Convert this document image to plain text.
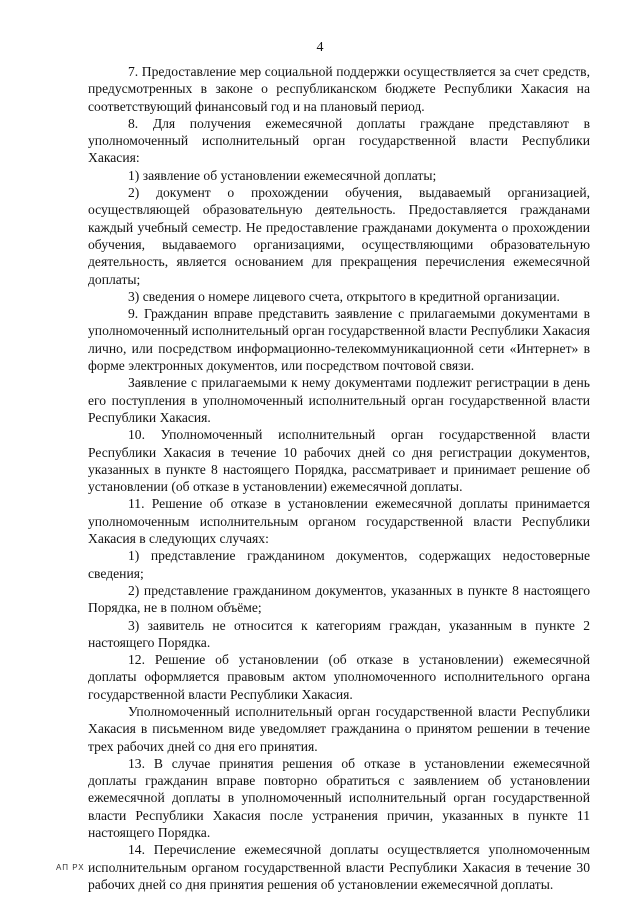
4

7. Предоставление мер социальной поддержки осуществляется за счет средств, предусмотренных в законе о республиканском бюджете Республики Хакасия на соответствующий финансовый год и на плановый период.

8. Для получения ежемесячной доплаты граждане представляют в уполномоченный исполнительный орган государственной власти Республики Хакасия:

1) заявление об установлении ежемесячной доплаты;

2) документ о прохождении обучения, выдаваемый организацией, осуществляющей образовательную деятельность. Предоставляется гражданами каждый учебный семестр. Не предоставление гражданами документа о прохождении обучения, выдаваемого организациями, осуществляющими образовательную деятельность, является основанием для прекращения перечисления ежемесячной доплаты;

3) сведения о номере лицевого счета, открытого в кредитной организации.

9. Гражданин вправе представить заявление с прилагаемыми документами в уполномоченный исполнительный орган государственной власти Республики Хакасия лично, или посредством информационно-телекоммуникационной сети «Интернет» в форме электронных документов, или посредством почтовой связи.

Заявление с прилагаемыми к нему документами подлежит регистрации в день его поступления в уполномоченный исполнительный орган государственной власти Республики Хакасия.

10. Уполномоченный исполнительный орган государственной власти Республики Хакасия в течение 10 рабочих дней со дня регистрации документов, указанных в пункте 8 настоящего Порядка, рассматривает и принимает решение об установлении (об отказе в установлении) ежемесячной доплаты.

11. Решение об отказе в установлении ежемесячной доплаты принимается уполномоченным исполнительным органом государственной власти Республики Хакасия в следующих случаях:

1) представление гражданином документов, содержащих недостоверные сведения;

2) представление гражданином документов, указанных в пункте 8 настоящего Порядка, не в полном объёме;

3) заявитель не относится к категориям граждан, указанным в пункте 2 настоящего Порядка.

12. Решение об установлении (об отказе в установлении) ежемесячной доплаты оформляется правовым актом уполномоченного исполнительного органа государственной власти Республики Хакасия.

Уполномоченный исполнительный орган государственной власти Республики Хакасия в письменном виде уведомляет гражданина о принятом решении в течение трех рабочих дней со дня его принятия.

13. В случае принятия решения об отказе в установлении ежемесячной доплаты гражданин вправе повторно обратиться с заявлением об установлении ежемесячной доплаты в уполномоченный исполнительный орган государственной власти Республики Хакасия после устранения причин, указанных в пункте 11 настоящего Порядка.

14. Перечисление ежемесячной доплаты осуществляется уполномоченным исполнительным органом государственной власти Республики Хакасия в течение 30 рабочих дней со дня принятия решения об установлении ежемесячной доплаты.

АП РХ
